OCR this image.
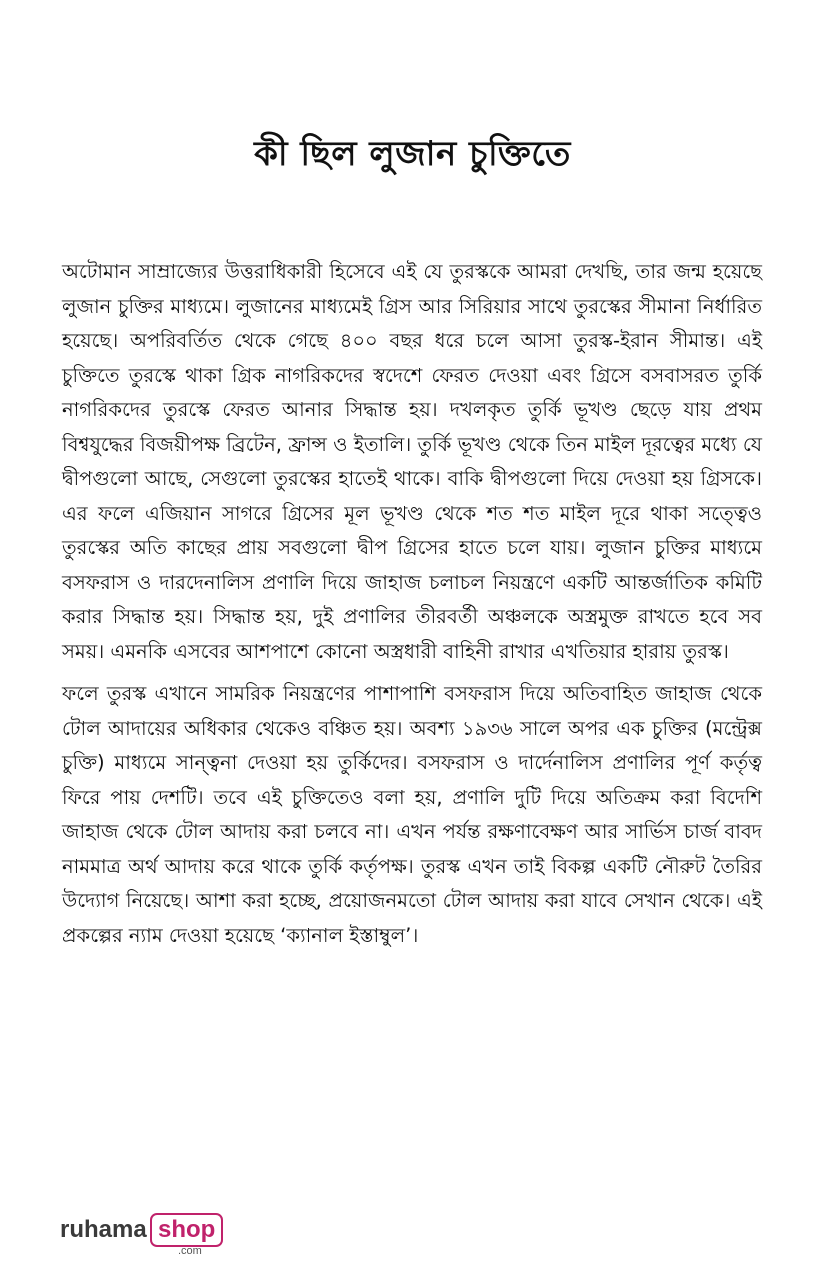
কী ছিল লুজান চুক্তিতে

অটোমান সাম্রাজ্যের উত্তরাধিকারী হিসেবে এই যে তুরস্ককে আমরা দেখছি, তার জন্ম হয়েছে লুজান চুক্তির মাধ্যমে। লুজানের মাধ্যমেই গ্রিস আর সিরিয়ার সাথে তুরস্কের সীমানা নির্ধারিত হয়েছে। অপরিবর্তিত থেকে গেছে ৪০০ বছর ধরে চলে আসা তুরস্ক-ইরান সীমান্ত। এই চুক্তিতে তুরস্কে থাকা গ্রিক নাগরিকদের স্বদেশে ফেরত দেওয়া এবং গ্রিসে বসবাসরত তুর্কি নাগরিকদের তুরস্কে ফেরত আনার সিদ্ধান্ত হয়। দখলকৃত তুর্কি ভূখণ্ড ছেড়ে যায় প্রথম বিশ্বযুদ্ধের বিজয়ীপক্ষ ব্রিটেন, ফ্রান্স ও ইতালি। তুর্কি ভূখণ্ড থেকে তিন মাইল দূরত্বের মধ্যে যে দ্বীপগুলো আছে, সেগুলো তুরস্কের হাতেই থাকে। বাকি দ্বীপগুলো দিয়ে দেওয়া হয় গ্রিসকে। এর ফলে এজিয়ান সাগরে গ্রিসের মূল ভূখণ্ড থেকে শত শত মাইল দূরে থাকা সত্ত্বেও তুরস্কের অতি কাছের প্রায় সবগুলো দ্বীপ গ্রিসের হাতে চলে যায়। লুজান চুক্তির মাধ্যমে বসফরাস ও দারদেনালিস প্রণালি দিয়ে জাহাজ চলাচল নিয়ন্ত্রণে একটি আন্তর্জাতিক কমিটি করার সিদ্ধান্ত হয়। সিদ্ধান্ত হয়, দুই প্রণালির তীরবর্তী অঞ্চলকে অস্ত্রমুক্ত রাখতে হবে সব সময়। এমনকি এসবের আশপাশে কোনো অস্ত্রধারী বাহিনী রাখার এখতিয়ার হারায় তুরস্ক।

ফলে তুরস্ক এখানে সামরিক নিয়ন্ত্রণের পাশাপাশি বসফরাস দিয়ে অতিবাহিত জাহাজ থেকে টোল আদায়ের অধিকার থেকেও বঞ্চিত হয়। অবশ্য ১৯৩৬ সালে অপর এক চুক্তির (মন্ট্রেক্স চুক্তি) মাধ্যমে সান্ত্বনা দেওয়া হয় তুর্কিদের। বসফরাস ও দার্দেনালিস প্রণালির পূর্ণ কর্তৃত্ব ফিরে পায় দেশটি। তবে এই চুক্তিতেও বলা হয়, প্রণালি দুটি দিয়ে অতিক্রম করা বিদেশি জাহাজ থেকে টোল আদায় করা চলবে না। এখন পর্যন্ত রক্ষণাবেক্ষণ আর সার্ভিস চার্জ বাবদ নামমাত্র অর্থ আদায় করে থাকে তুর্কি কর্তৃপক্ষ। তুরস্ক এখন তাই বিকল্প একটি নৌরুট তৈরির উদ্যোগ নিয়েছে। আশা করা হচ্ছে, প্রয়োজনমতো টোল আদায় করা যাবে সেখান থেকে। এই প্রকল্পের ন্যাম দেওয়া হয়েছে ‘ক্যানাল ইস্তাম্বুল’।

ruhama shop
.com
